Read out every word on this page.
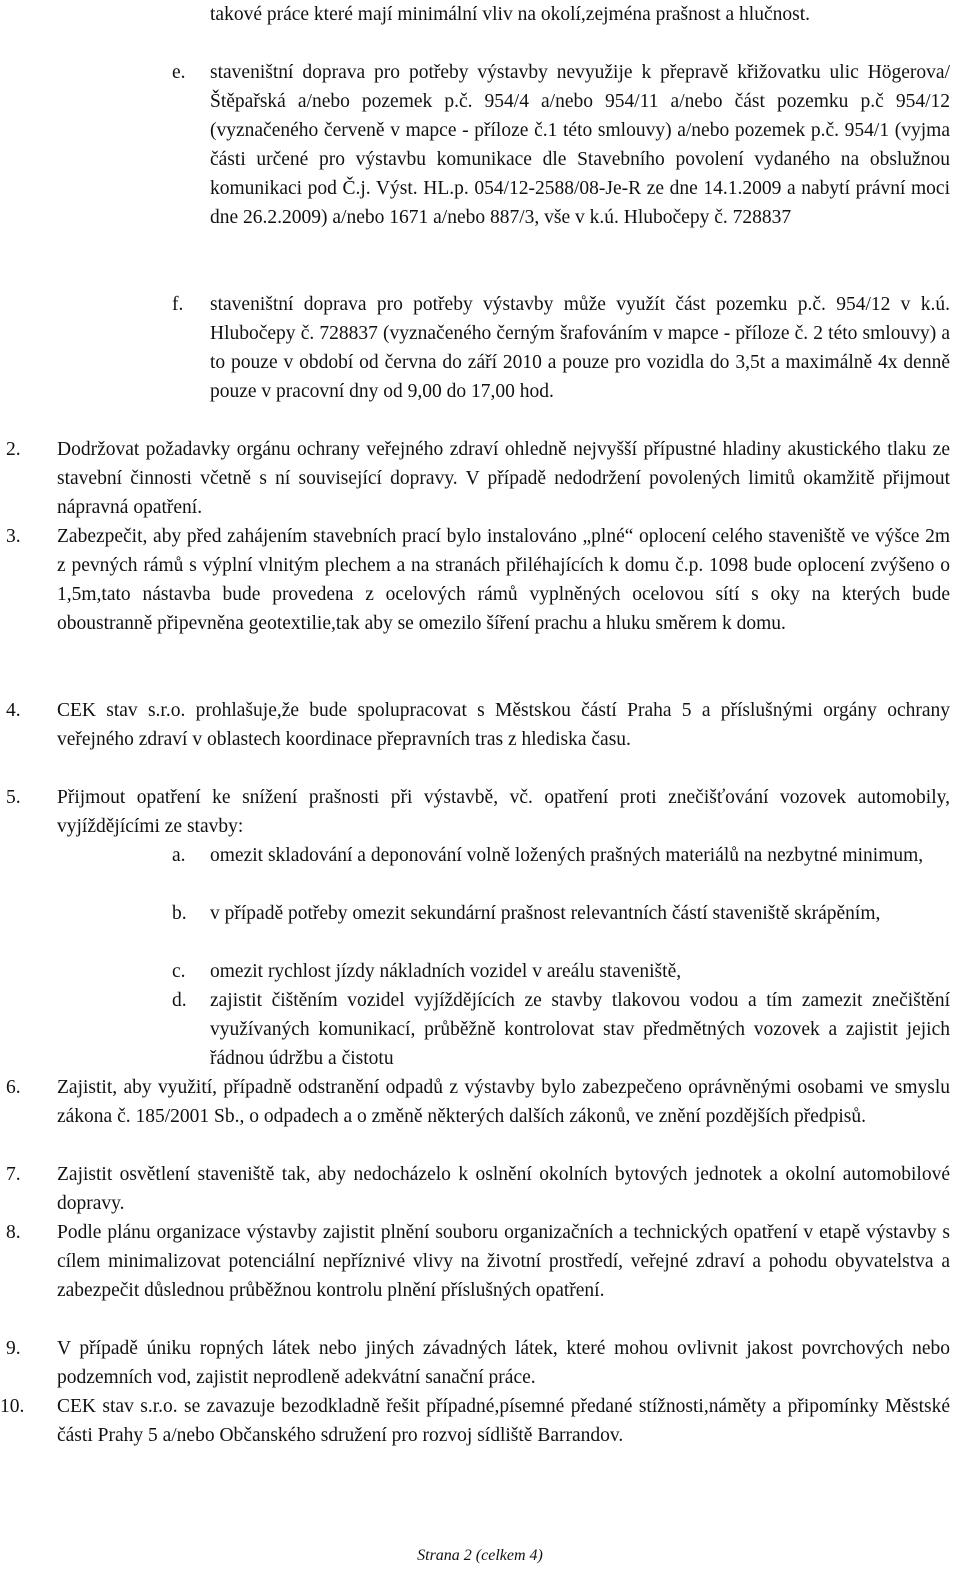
takové práce které mají minimální vliv na okolí,zejména prašnost a hlučnost.

e. staveništní doprava pro potřeby výstavby nevyužije k přepravě křižovatku ulic Högerova/Štěpařská a/nebo pozemek p.č. 954/4 a/nebo 954/11 a/nebo část pozemku p.č 954/12 (vyznačeného červeně v mapce - příloze č.1 této smlouvy) a/nebo pozemek p.č. 954/1 (vyjma části určené pro výstavbu komunikace dle Stavebního povolení vydaného na obslužnou komunikaci pod Č.j. Výst. HL.p. 054/12-2588/08-Je-R ze dne 14.1.2009 a nabytí právní moci dne 26.2.2009) a/nebo 1671 a/nebo 887/3, vše v k.ú. Hlubočepy č. 728837

f. staveništní doprava pro potřeby výstavby může využít část pozemku p.č. 954/12 v k.ú. Hlubočepy č. 728837 (vyznačeného černým šrafováním v mapce - příloze č. 2 této smlouvy) a to pouze v období od června do září 2010 a pouze pro vozidla do 3,5t a maximálně 4x denně pouze v pracovní dny od 9,00 do 17,00 hod.

2. Dodržovat požadavky orgánu ochrany veřejného zdraví ohledně nejvyšší přípustné hladiny akustického tlaku ze stavební činnosti včetně s ní související dopravy. V případě nedodržení povolených limitů okamžitě přijmout nápravná opatření.

3. Zabezpečit, aby před zahájením stavebních prací bylo instalováno „plné“ oplocení celého staveniště ve výšce 2m z pevných rámů s výplní vlnitým plechem a na stranách přiléhajících k domu č.p. 1098 bude oplocení zvýšeno o 1,5m,tato nástavba bude provedena z ocelových rámů vyplněných ocelovou sítí s oky na kterých bude oboustranně připevněna geotextilie,tak aby se omezilo šíření prachu a hluku směrem k domu.

4. CEK stav s.r.o. prohlašuje,že bude spolupracovat s Městskou částí Praha 5 a příslušnými orgány ochrany veřejného zdraví v oblastech koordinace přepravních tras z hlediska času.

5. Přijmout opatření ke snížení prašnosti při výstavbě, vč. opatření proti znečišťování vozovek automobily, vyjíždějícími ze stavby:

a. omezit skladování a deponování volně ložených prašných materiálů na nezbytné minimum,

b. v případě potřeby omezit sekundární prašnost relevantních částí staveniště skrápěním,

c. omezit rychlost jízdy nákladních vozidel v areálu staveniště,

d. zajistit čištěním vozidel vyjíždějících ze stavby tlakovou vodou a tím zamezit znečištění využívaných komunikací, průběžně kontrolovat stav předmětných vozovek a zajistit jejich řádnou údržbu a čistotu

6. Zajistit, aby využití, případně odstranění odpadů z výstavby bylo zabezpečeno oprávněnými osobami ve smyslu zákona č. 185/2001 Sb., o odpadech a o změně některých dalších zákonů, ve znění pozdějších předpisů.

7. Zajistit osvětlení staveniště tak, aby nedocházelo k oslnění okolních bytových jednotek a okolní automobilové dopravy.

8. Podle plánu organizace výstavby zajistit plnění souboru organizačních a technických opatření v etapě výstavby s cílem minimalizovat potenciální nepříznivé vlivy na životní prostředí, veřejné zdraví a pohodu obyvatelstva a zabezpečit důslednou průběžnou kontrolu plnění příslušných opatření.

9. V případě úniku ropných látek nebo jiných závadných látek, které mohou ovlivnit jakost povrchových nebo podzemních vod, zajistit neprodleně adekvátní sanační práce.

10. CEK stav s.r.o. se zavazuje bezodkladně řešit případné,písemné předané stížnosti,náměty a připomínky Městské části Prahy 5 a/nebo Občanského sdružení pro rozvoj sídliště Barrandov.

Strana 2 (celkem 4)
